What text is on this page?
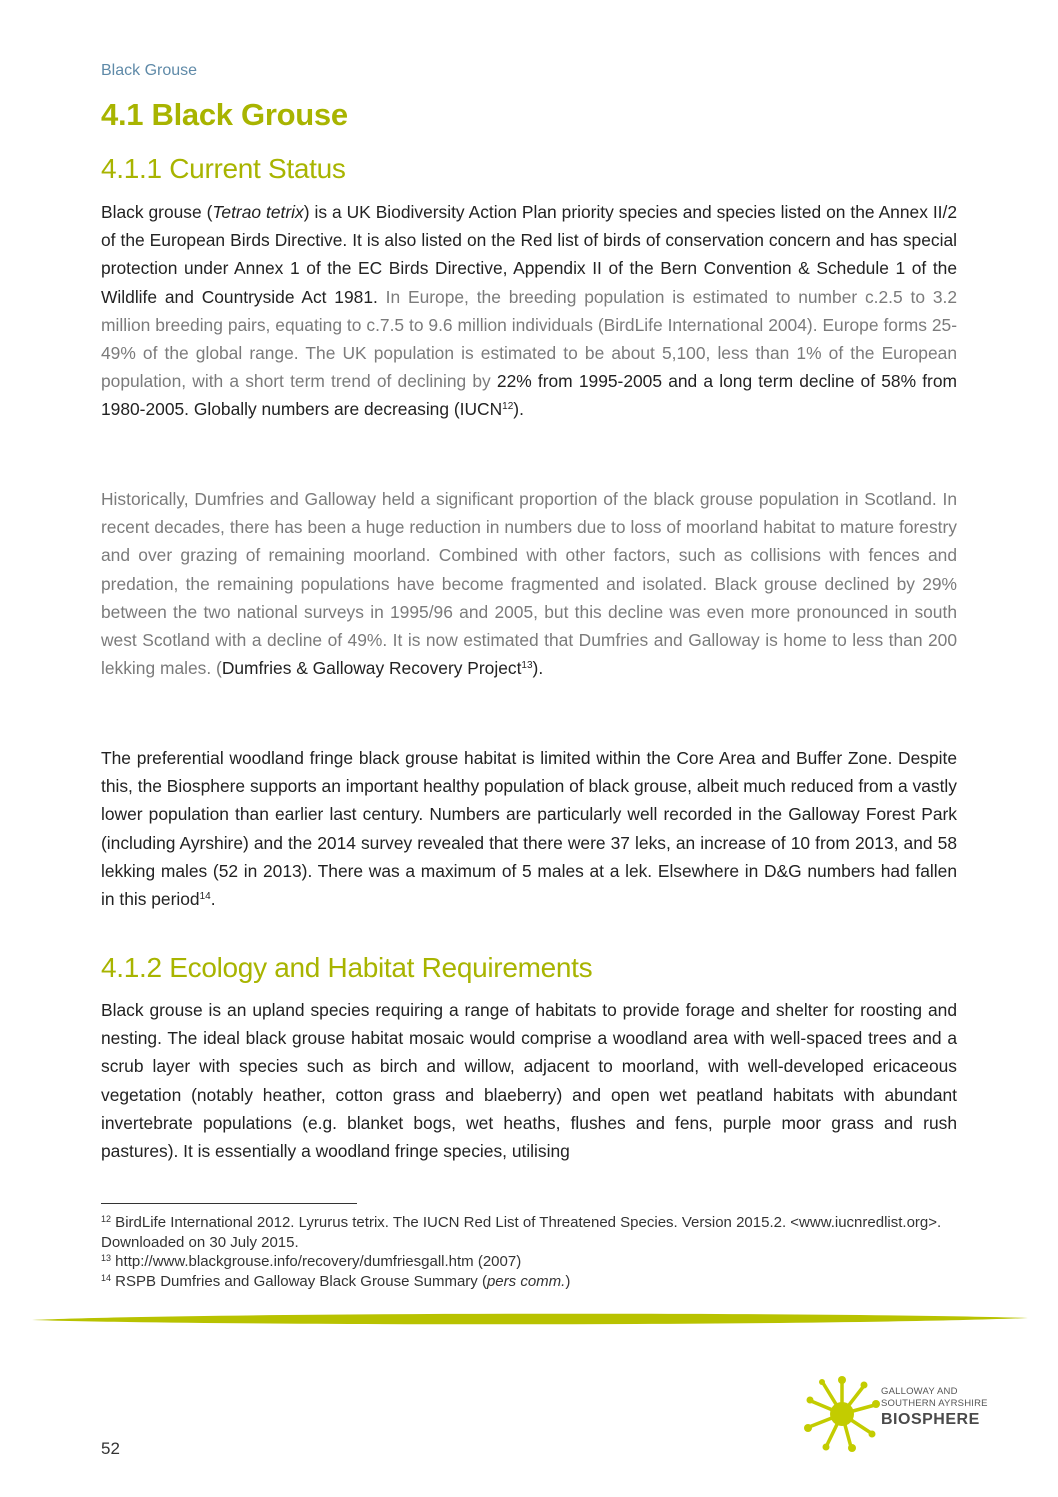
Black Grouse
4.1 Black Grouse
4.1.1 Current Status

Black grouse (Tetrao tetrix) is a UK Biodiversity Action Plan priority species and species listed on the Annex II/2 of the European Birds Directive. It is also listed on the Red list of birds of conservation concern and has special protection under Annex 1 of the EC Birds Directive, Appendix II of the Bern Convention & Schedule 1 of the Wildlife and Countryside Act 1981. In Europe, the breeding population is estimated to number c.2.5 to 3.2 million breeding pairs, equating to c.7.5 to 9.6 million individuals (BirdLife International 2004). Europe forms 25-49% of the global range. The UK population is estimated to be about 5,100, less than 1% of the European population, with a short term trend of declining by 22% from 1995-2005 and a long term decline of 58% from 1980-2005. Globally numbers are decreasing (IUCN$^{12}$).

Historically, Dumfries and Galloway held a significant proportion of the black grouse population in Scotland. In recent decades, there has been a huge reduction in numbers due to loss of moorland habitat to mature forestry and over grazing of remaining moorland. Combined with other factors, such as collisions with fences and predation, the remaining populations have become fragmented and isolated. Black grouse declined by 29% between the two national surveys in 1995/96 and 2005, but this decline was even more pronounced in south west Scotland with a decline of 49%. It is now estimated that Dumfries and Galloway is home to less than 200 lekking males. (Dumfries & Galloway Recovery Project$^{13}$).

The preferential woodland fringe black grouse habitat is limited within the Core Area and Buffer Zone. Despite this, the Biosphere supports an important healthy population of black grouse, albeit much reduced from a vastly lower population than earlier last century. Numbers are particularly well recorded in the Galloway Forest Park (including Ayrshire) and the 2014 survey revealed that there were 37 leks, an increase of 10 from 2013, and 58 lekking males (52 in 2013). There was a maximum of 5 males at a lek. Elsewhere in D&G numbers had fallen in this period$^{14}$.

4.1.2 Ecology and Habitat Requirements

Black grouse is an upland species requiring a range of habitats to provide forage and shelter for roosting and nesting. The ideal black grouse habitat mosaic would comprise a woodland area with well-spaced trees and a scrub layer with species such as birch and willow, adjacent to moorland, with well-developed ericaceous vegetation (notably heather, cotton grass and blaeberry) and open wet peatland habitats with abundant invertebrate populations (e.g. blanket bogs, wet heaths, flushes and fens, purple moor grass and rush pastures). It is essentially a woodland fringe species, utilising

$^{12}$ BirdLife International 2012. Lyrurus tetrix. The IUCN Red List of Threatened Species. Version 2015.2. <www.iucnredlist.org>. Downloaded on 30 July 2015.

$^{13}$ http://www.blackgrouse.info/recovery/dumfriesgall.htm (2007)

$^{14}$ RSPB Dumfries and Galloway Black Grouse Summary (pers comm.)

52
GALLOWAY AND
SOUTHERN AYRSHIRE
BIOSPHERE
